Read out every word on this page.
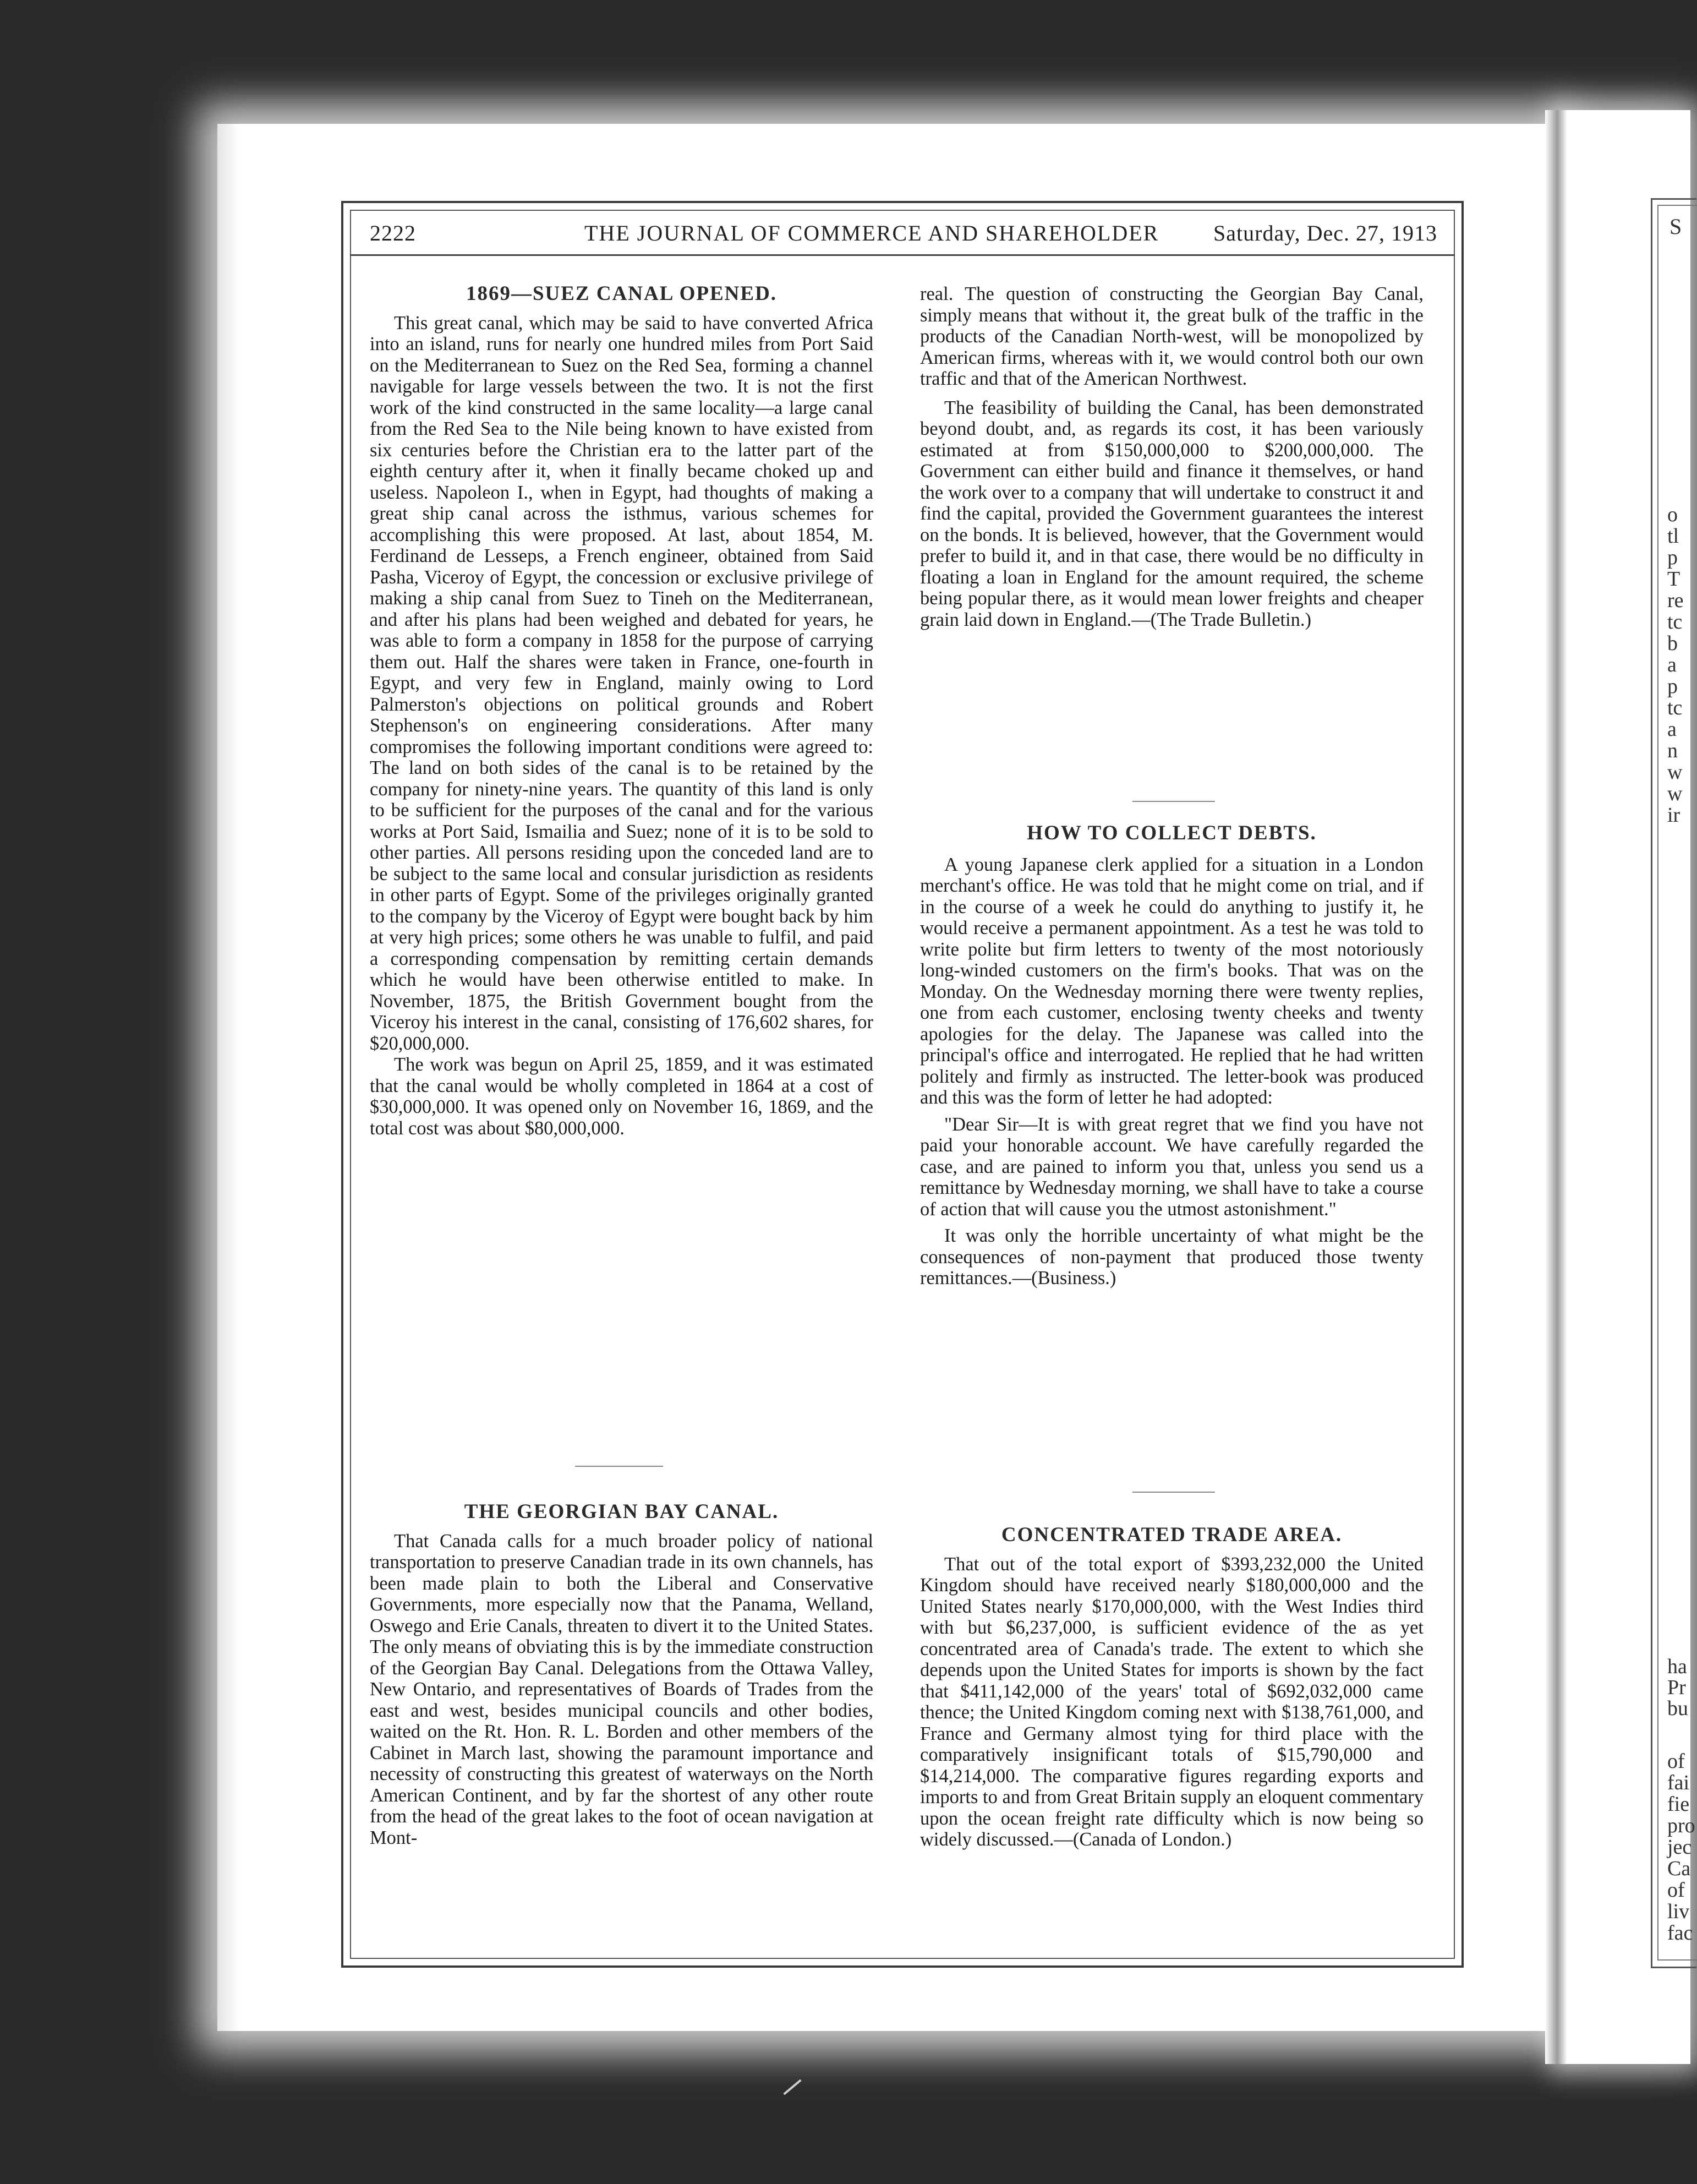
S
o
tl
p
T
re
tc
b
a
p
tc
a
n
w
w
ir
ha
Pr
bu
of
fai
fie
pro
jec
Ca
of
liv
fac
2222	THE JOURNAL OF COMMERCE AND SHAREHOLDER Saturday, Dec. 27, 1913
1869—SUEZ CANAL OPENED.

This great canal, which may be said to have converted Africa into an island, runs for nearly one hundred miles from Port Said on the Mediterranean to Suez on the Red Sea, forming a channel navigable for large vessels between the two. It is not the first work of the kind constructed in the same locality—a large canal from the Red Sea to the Nile being known to have existed from six centuries before the Christian era to the latter part of the eighth century after it, when it finally became choked up and useless. Napoleon I., when in Egypt, had thoughts of making a great ship canal across the isthmus, various schemes for accomplishing this were proposed. At last, about 1854, M. Ferdinand de Lesseps, a French engineer, obtained from Said Pasha, Viceroy of Egypt, the concession or exclusive privilege of making a ship canal from Suez to Tineh on the Mediterranean, and after his plans had been weighed and debated for years, he was able to form a company in 1858 for the purpose of carrying them out. Half the shares were taken in France, one-fourth in Egypt, and very few in England, mainly owing to Lord Palmerston's objections on political grounds and Robert Stephenson's on engineering considerations. After many compromises the following important conditions were agreed to: The land on both sides of the canal is to be retained by the company for ninety-nine years. The quantity of this land is only to be sufficient for the purposes of the canal and for the various works at Port Said, Ismailia and Suez; none of it is to be sold to other parties. All persons residing upon the conceded land are to be subject to the same local and consular jurisdiction as residents in other parts of Egypt. Some of the privileges originally granted to the company by the Viceroy of Egypt were bought back by him at very high prices; some others he was unable to fulfil, and paid a corresponding compensation by remitting certain demands which he would have been otherwise entitled to make. In November, 1875, the British Government bought from the Viceroy his interest in the canal, consisting of 176,602 shares, for $20,000,000.

The work was begun on April 25, 1859, and it was estimated that the canal would be wholly completed in 1864 at a cost of $30,000,000. It was opened only on November 16, 1869, and the total cost was about $80,000,000.

THE GEORGIAN BAY CANAL.

That Canada calls for a much broader policy of national transportation to preserve Canadian trade in its own channels, has been made plain to both the Liberal and Conservative Governments, more especially now that the Panama, Welland, Oswego and Erie Canals, threaten to divert it to the United States. The only means of obviating this is by the immediate construction of the Georgian Bay Canal. Delegations from the Ottawa Valley, New Ontario, and representatives of Boards of Trades from the east and west, besides municipal councils and other bodies, waited on the Rt. Hon. R. L. Borden and other members of the Cabinet in March last, showing the paramount importance and necessity of constructing this greatest of waterways on the North American Continent, and by far the shortest of any other route from the head of the great lakes to the foot of ocean navigation at Mont-

real. The question of constructing the Georgian Bay Canal, simply means that without it, the great bulk of the traffic in the products of the Canadian North-west, will be monopolized by American firms, whereas with it, we would control both our own traffic and that of the American Northwest.

The feasibility of building the Canal, has been demonstrated beyond doubt, and, as regards its cost, it has been variously estimated at from $150,000,000 to $200,000,000. The Government can either build and finance it themselves, or hand the work over to a company that will undertake to construct it and find the capital, provided the Government guarantees the interest on the bonds. It is believed, however, that the Government would prefer to build it, and in that case, there would be no difficulty in floating a loan in England for the amount required, the scheme being popular there, as it would mean lower freights and cheaper grain laid down in England.—(The Trade Bulletin.)

HOW TO COLLECT DEBTS.

A young Japanese clerk applied for a situation in a London merchant's office. He was told that he might come on trial, and if in the course of a week he could do anything to justify it, he would receive a permanent appointment. As a test he was told to write polite but firm letters to twenty of the most notoriously long-winded customers on the firm's books. That was on the Monday. On the Wednesday morning there were twenty replies, one from each customer, enclosing twenty cheeks and twenty apologies for the delay. The Japanese was called into the principal's office and interrogated. He replied that he had written politely and firmly as instructed. The letter-book was produced and this was the form of letter he had adopted:

"Dear Sir—It is with great regret that we find you have not paid your honorable account. We have carefully regarded the case, and are pained to inform you that, unless you send us a remittance by Wednesday morning, we shall have to take a course of action that will cause you the utmost astonishment."

It was only the horrible uncertainty of what might be the consequences of non-payment that produced those twenty remittances.—(Business.)

CONCENTRATED TRADE AREA.

That out of the total export of $393,232,000 the United Kingdom should have received nearly $180,000,000 and the United States nearly $170,000,000, with the West Indies third with but $6,237,000, is sufficient evidence of the as yet concentrated area of Canada's trade. The extent to which she depends upon the United States for imports is shown by the fact that $411,142,000 of the years' total of $692,032,000 came thence; the United Kingdom coming next with $138,761,000, and France and Germany almost tying for third place with the comparatively insignificant totals of $15,790,000 and $14,214,000. The comparative figures regarding exports and imports to and from Great Britain supply an eloquent commentary upon the ocean freight rate difficulty which is now being so widely discussed.—(Canada of London.)
